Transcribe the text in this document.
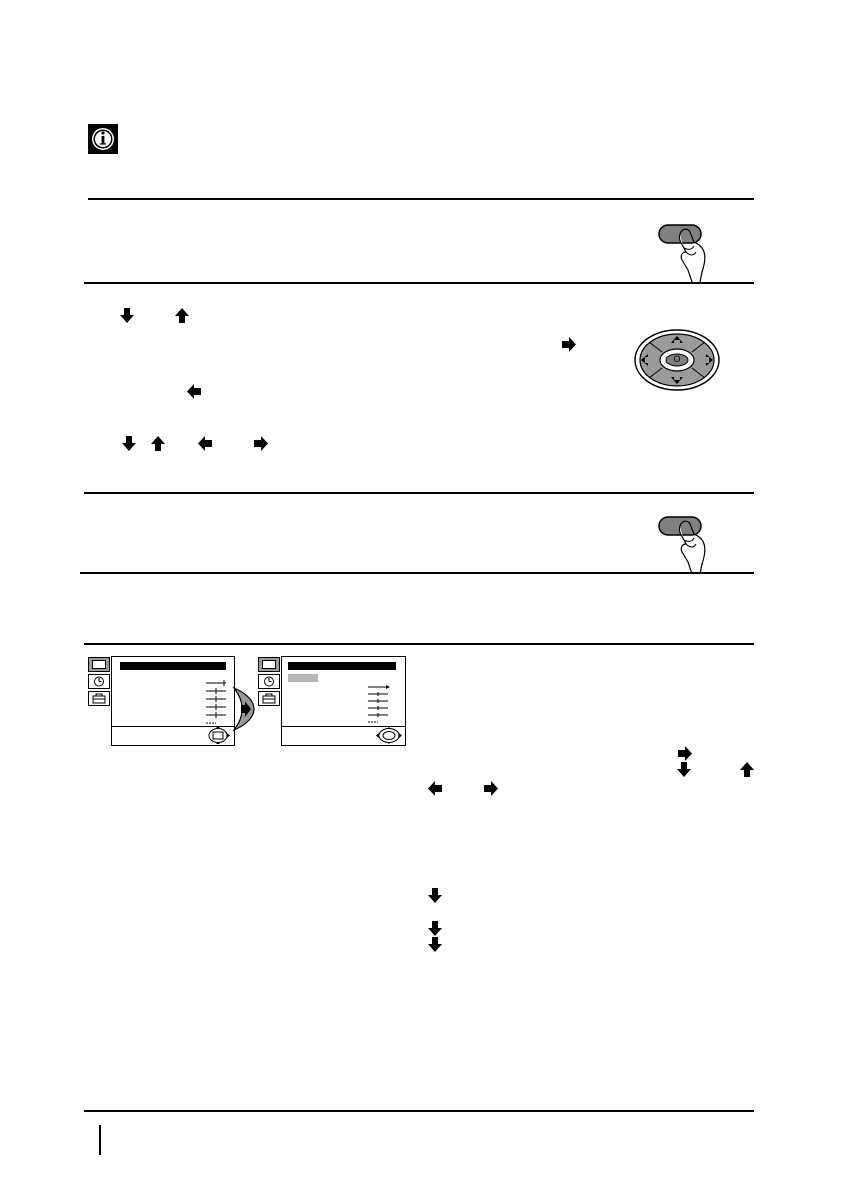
O
